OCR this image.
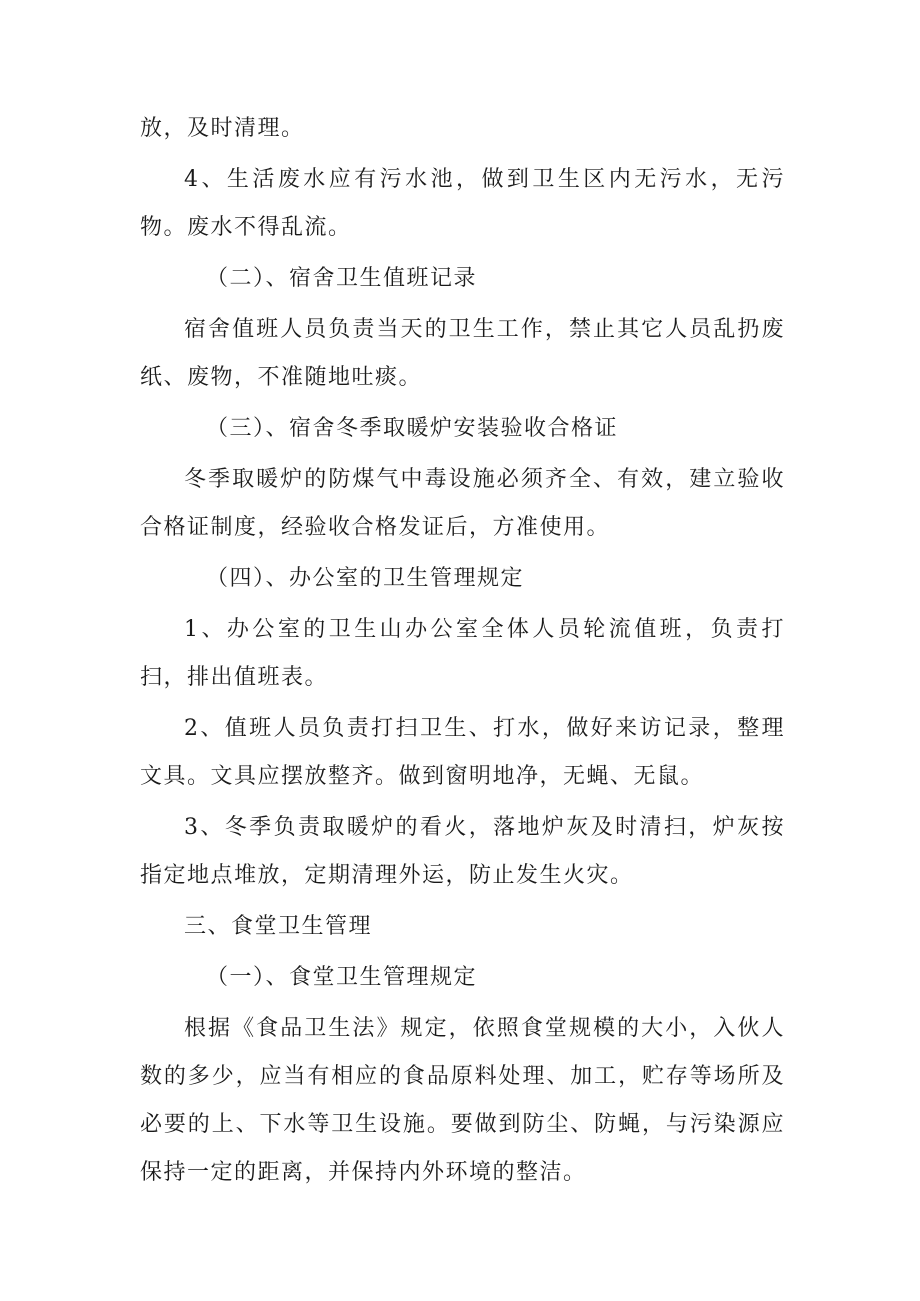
放，及时清理。

4、生活废水应有污水池，做到卫生区内无污水，无污物。废水不得乱流。

（二）、宿舍卫生值班记录

宿舍值班人员负责当天的卫生工作，禁止其它人员乱扔废纸、废物，不准随地吐痰。

（三）、宿舍冬季取暖炉安装验收合格证

冬季取暖炉的防煤气中毒设施必须齐全、有效，建立验收合格证制度，经验收合格发证后，方准使用。

（四）、办公室的卫生管理规定

1、办公室的卫生山办公室全体人员轮流值班，负责打扫，排出值班表。

2、值班人员负责打扫卫生、打水，做好来访记录，整理文具。文具应摆放整齐。做到窗明地净，无蝇、无鼠。

3、冬季负责取暖炉的看火，落地炉灰及时清扫，炉灰按指定地点堆放，定期清理外运，防止发生火灾。

三、食堂卫生管理

（一）、食堂卫生管理规定

根据《食品卫生法》规定，依照食堂规模的大小，入伙人数的多少，应当有相应的食品原料处理、加工，贮存等场所及必要的上、下水等卫生设施。要做到防尘、防蝇，与污染源应保持一定的距离，并保持内外环境的整洁。
